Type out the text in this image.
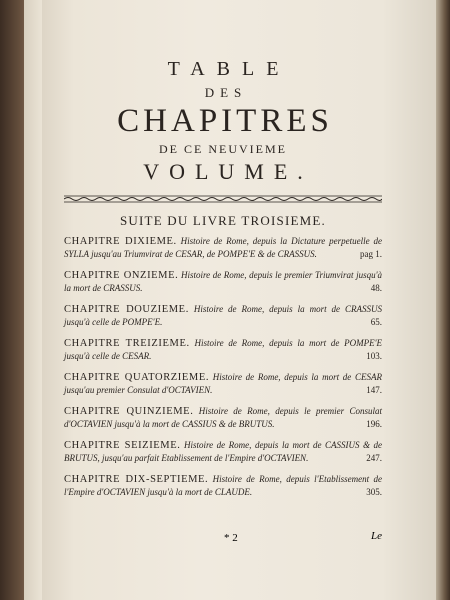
TABLE
DES
CHAPITRES
DE CE NEUVIEME
VOLUME.
SUITE DU LIVRE TROISIEME.
CHAPITRE DIXIEME. Histoire de Rome, depuis la Dictature perpetuelle de SYLLA jusqu'au Triumvirat de CESAR, de POMPE'E & de CRASSUS.	pag 1.
CHAPITRE ONZIEME. Histoire de Rome, depuis le premier Triumvirat jusqu'à la mort de CRASSUS.	48.
CHAPITRE DOUZIEME. Histoire de Rome, depuis la mort de CRASSUS jusqu'à celle de POMPE'E.	65.
CHAPITRE TREIZIEME. Histoire de Rome, depuis la mort de POMPE'E jusqu'à celle de CESAR.	103.
CHAPITRE QUATORZIEME. Histoire de Rome, depuis la mort de CESAR jusqu'au premier Consulat d'OCTAVIEN.	147.
CHAPITRE QUINZIEME. Histoire de Rome, depuis le premier Consulat d'OCTAVIEN jusqu'à la mort de CASSIUS & de BRUTUS.	196.
CHAPITRE SEIZIEME. Histoire de Rome, depuis la mort de CASSIUS & de BRUTUS, jusqu'au parfait Etablissement de l'Empire d'OCTAVIEN.	247.
CHAPITRE DIX-SEPTIEME. Histoire de Rome, depuis l'Etablissement de l'Empire d'OCTAVIEN jusqu'à la mort de CLAUDE.	305.
* 2	Le
